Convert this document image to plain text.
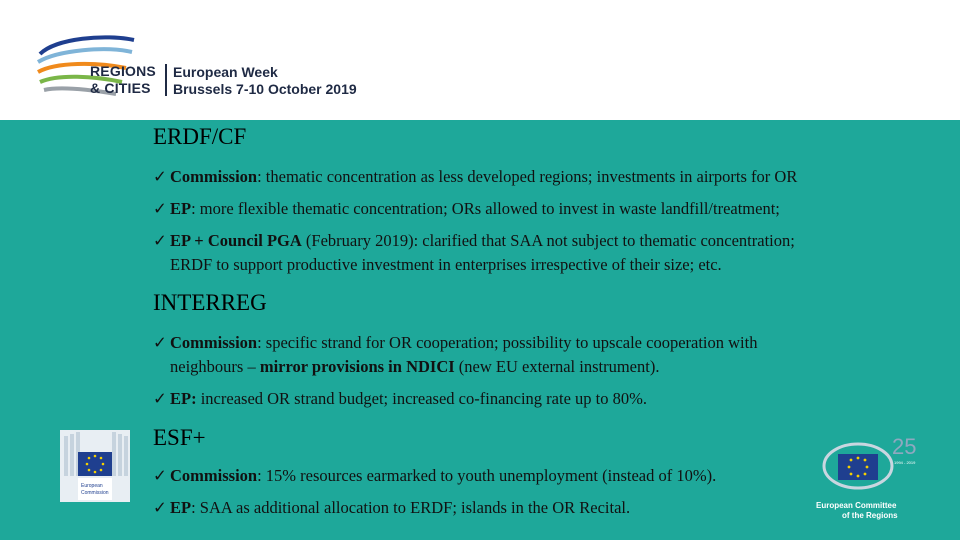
REGIONS
& CITIES
European Week
Brussels 7-10 October 2019
ERDF/CF
✓ Commission: thematic concentration as less developed regions; investments in airports for OR
✓ EP: more flexible thematic concentration; ORs allowed to invest in waste landfill/treatment;
✓ EP + Council PGA (February 2019): clarified that SAA not subject to thematic concentration;
ERDF to support productive investment in enterprises irrespective of their size; etc.
INTERREG
✓ Commission: specific strand for OR cooperation; possibility to upscale cooperation with
neighbours – mirror provisions in NDICI (new EU external instrument).
✓ EP: increased OR strand budget; increased co-financing rate up to 80%.
ESF+
✓ Commission: 15% resources earmarked to youth unemployment (instead of 10%).
✓ EP: SAA as additional allocation to ERDF; islands in the OR Recital.
European
Commission
25
1994 - 2019
European Committee
of the Regions
